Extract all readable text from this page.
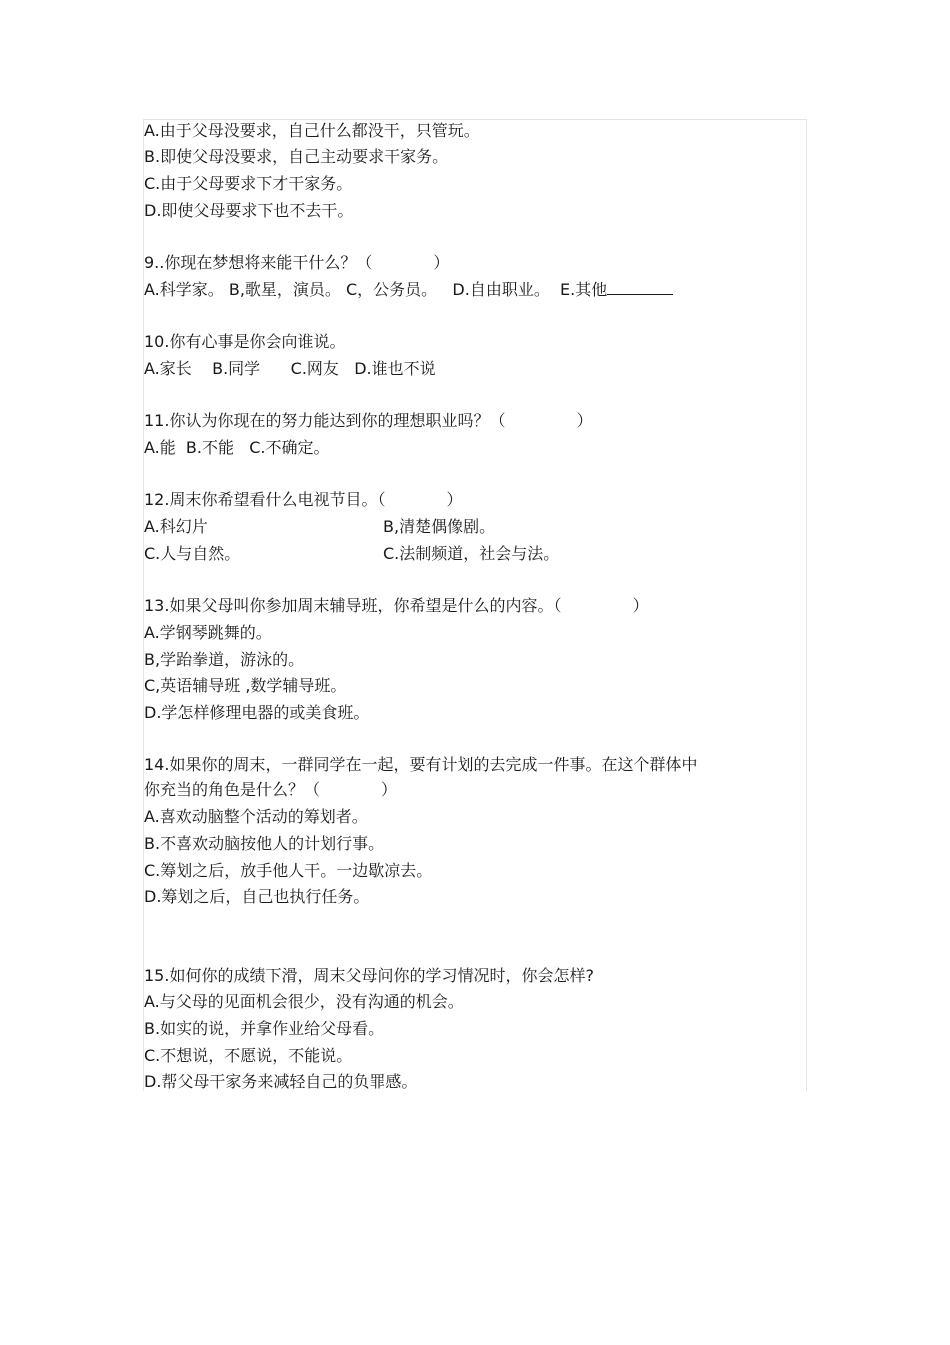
A.由于父母没要求，自己什么都没干，只管玩。
B.即使父母没要求，自己主动要求干家务。
C.由于父母要求下才干家务。
D.即使父母要求下也不去干。
9..你现在梦想将来能干什么？（            ）
A.科学家。 B,歌星，演员。 C，公务员。   D.自由职业。  E.其他
10.你有心事是你会向谁说。
A.家长    B.同学      C.网友   D.谁也不说
11.你认为你现在的努力能达到你的理想职业吗？（              ）
A.能  B.不能   C.不确定。
12.周末你希望看什么电视节目。（            ）
A.科幻片	B,清楚偶像剧。
C.人与自然。	C.法制频道，社会与法。
13.如果父母叫你参加周末辅导班，你希望是什么的内容。（              ）
A.学钢琴跳舞的。
B,学跆拳道，游泳的。
C,英语辅导班 ,数学辅导班。
D.学怎样修理电器的或美食班。
14.如果你的周末，一群同学在一起，要有计划的去完成一件事。在这个群体中
你充当的角色是什么？（            ）
A.喜欢动脑整个活动的筹划者。
B.不喜欢动脑按他人的计划行事。
C.筹划之后，放手他人干。一边歇凉去。
D.筹划之后，自己也执行任务。
15.如何你的成绩下滑，周末父母问你的学习情况时，你会怎样?
A.与父母的见面机会很少，没有沟通的机会。
B.如实的说，并拿作业给父母看。
C.不想说，不愿说，不能说。
D.帮父母干家务来减轻自己的负罪感。
